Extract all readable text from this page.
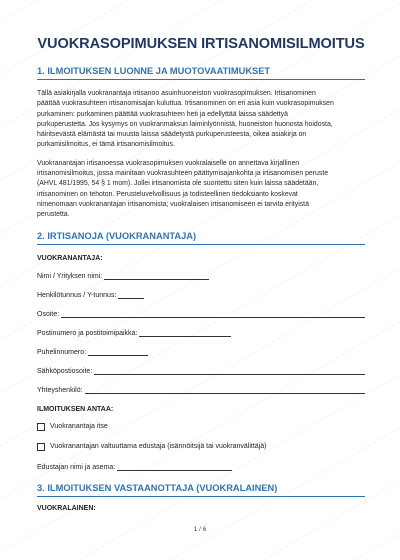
VUOKRASOPIMUKSEN IRTISANOMISILMOITUS
1. ILMOITUKSEN LUONNE JA MUOTOVAATIMUKSET

Tällä asiakirjalla vuokranantaja irtisanoo asuinhuoneiston vuokrasopimuksen. Irtisanominen
päättää vuokrasuhteen irtisanomisajan kuluttua. Irtisanominen on eri asia kuin vuokrasopimuksen
purkaminen: purkaminen päättää vuokrasuhteen heti ja edellyttää laissa säädettyä
purkuperustetta. Jos kysymys on vuokranmaksun laiminlyönnistä, huoneiston huonosta hoidosta,
häiritsevästä elämästä tai muusta laissa säädetystä purkuperusteesta, oikea asiakirja on
purkamisilmoitus, ei tämä irtisanomisilmoitus.

Vuokranantajan irtisanoessa vuokrasopimuksen vuokralaiselle on annettava kirjallinen
irtisanomisilmoitus, jossa mainitaan vuokrasuhteen päättymisajankohta ja irtisanomisen peruste
(AHVL 481/1995, 54 § 1 mom). Jollei irtisanomista ole suoritettu siten kuin laissa säädetään,
irtisanominen on tehoton. Perusteluvelvollisuus ja todisteellinen tiedoksianto koskevat
nimenomaan vuokranantajan irtisanomista; vuokralaisen irtisanomiseen ei tarvita erityistä
perustetta.

2. IRTISANOJA (VUOKRANANTAJA)

VUOKRANANTAJA:

Nimi / Yrityksen nimi:
Henkilötunnus / Y-tunnus:
Osoite:
Postinumero ja postitoimipaikka:
Puhelinnumero:
Sähköpostiosoite:
Yhteyshenkilö:

ILMOITUKSEN ANTAA:

Vuokranantaja itse
Vuokranantajan valtuuttama edustaja (isännöitsijä tai vuokranvälittäjä)
Edustajan nimi ja asema:
3. ILMOITUKSEN VASTAANOTTAJA (VUOKRALAINEN)

VUOKRALAINEN:

1 / 6
